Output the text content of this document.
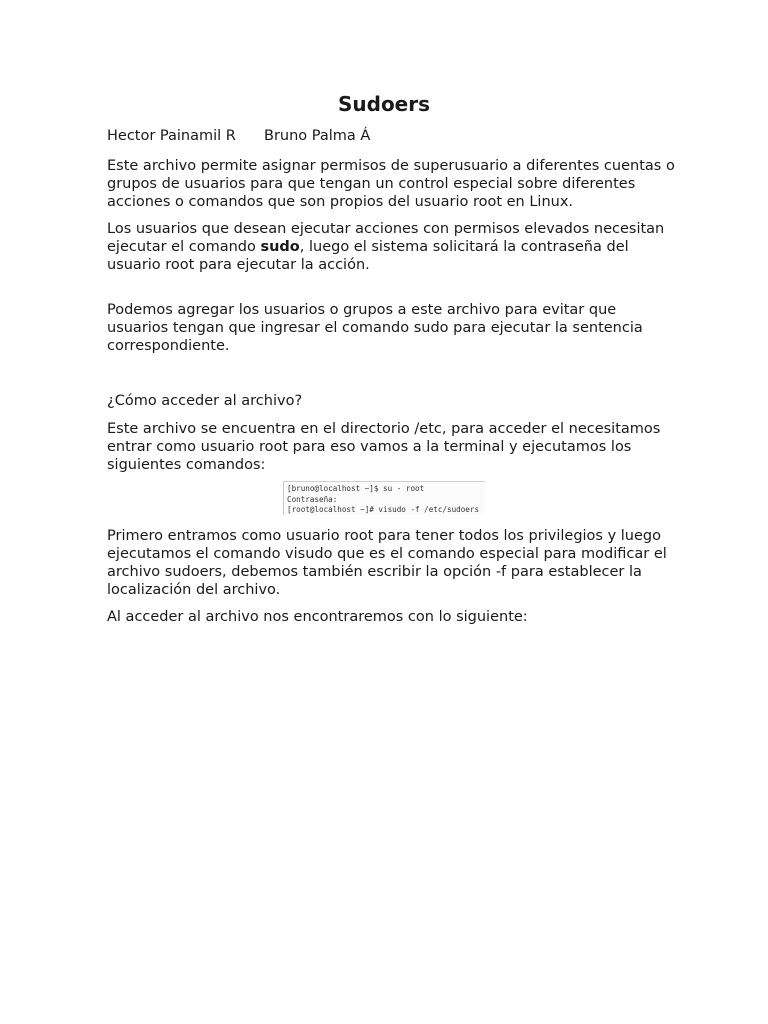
Sudoers
Hector Painamil R Bruno Palma Á
Este archivo permite asignar permisos de superusuario a diferentes cuentas o grupos de usuarios para que tengan un control especial sobre diferentes acciones o comandos que son propios del usuario root en Linux.
Los usuarios que desean ejecutar acciones con permisos elevados necesitan ejecutar el comando sudo, luego el sistema solicitará la contraseña del usuario root para ejecutar la acción.
Podemos agregar los usuarios o grupos a este archivo para evitar que usuarios tengan que ingresar el comando sudo para ejecutar la sentencia correspondiente.
¿Cómo acceder al archivo?
Este archivo se encuentra en el directorio /etc, para acceder el necesitamos entrar como usuario root para eso vamos a la terminal y ejecutamos los siguientes comandos:
[bruno@localhost ~]$ su - root
Contraseña:
[root@localhost ~]# visudo -f /etc/sudoers
Primero entramos como usuario root para tener todos los privilegios y luego ejecutamos el comando visudo que es el comando especial para modificar el archivo sudoers, debemos también escribir la opción -f para establecer la localización del archivo.
Al acceder al archivo nos encontraremos con lo siguiente:
